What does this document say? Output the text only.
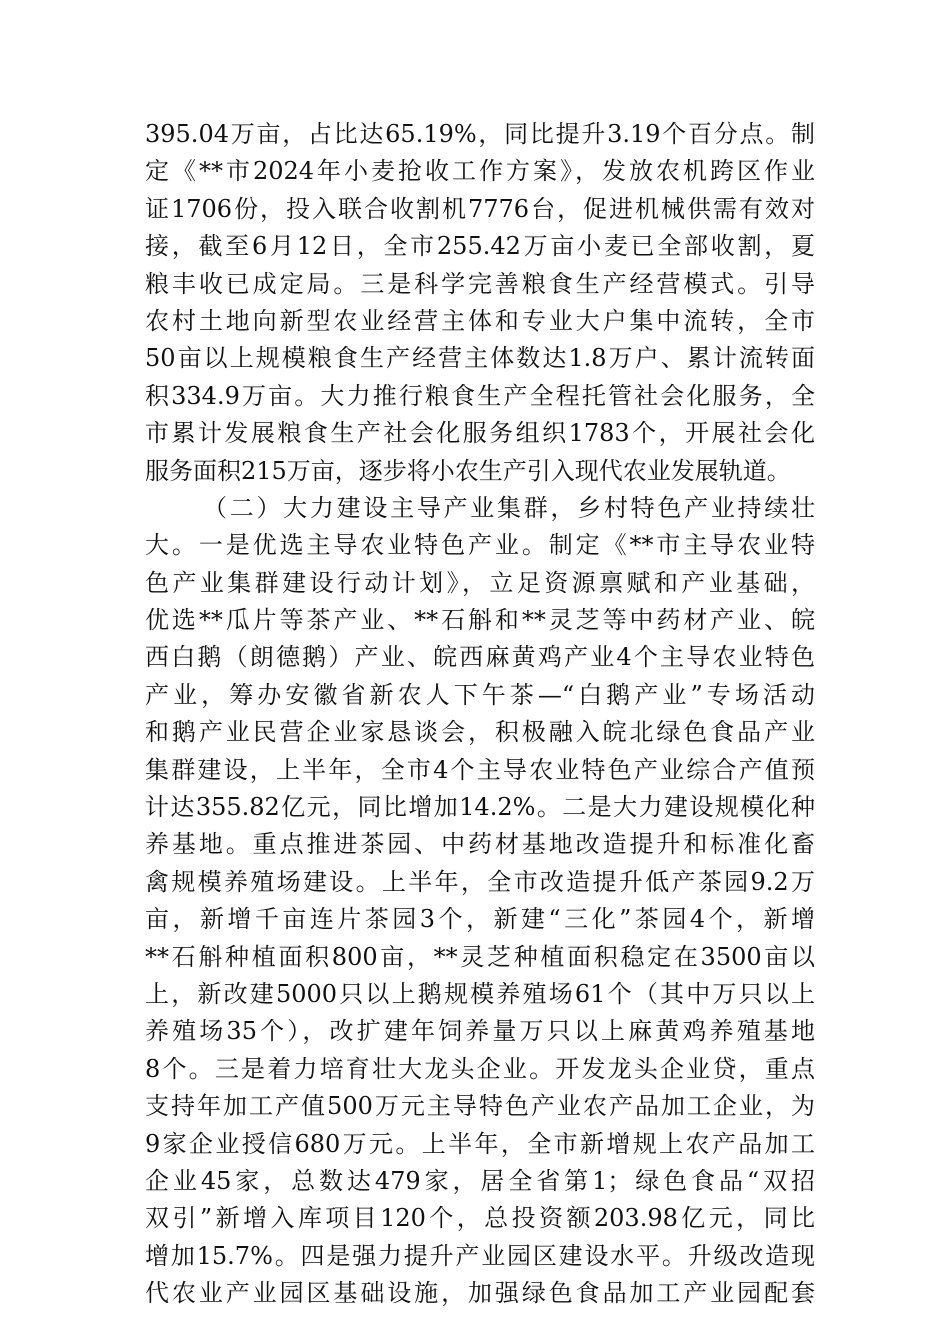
395.04万亩，占比达65.19%，同比提升3.19个百分点。制
定《**市2024年小麦抢收工作方案》，发放农机跨区作业
证1706份，投入联合收割机7776台，促进机械供需有效对
接，截至6月12日，全市255.42万亩小麦已全部收割，夏
粮丰收已成定局。三是科学完善粮食生产经营模式。引导
农村土地向新型农业经营主体和专业大户集中流转，全市
50亩以上规模粮食生产经营主体数达1.8万户、累计流转面
积334.9万亩。大力推行粮食生产全程托管社会化服务，全
市累计发展粮食生产社会化服务组织1783个，开展社会化
服务面积215万亩，逐步将小农生产引入现代农业发展轨道。
（二）大力建设主导产业集群，乡村特色产业持续壮
大。一是优选主导农业特色产业。制定《**市主导农业特
色产业集群建设行动计划》，立足资源禀赋和产业基础，
优选**瓜片等茶产业、**石斛和**灵芝等中药材产业、皖
西白鹅（朗德鹅）产业、皖西麻黄鸡产业4个主导农业特色
产业，筹办安徽省新农人下午茶—“白鹅产业”专场活动
和鹅产业民营企业家恳谈会，积极融入皖北绿色食品产业
集群建设，上半年，全市4个主导农业特色产业综合产值预
计达355.82亿元，同比增加14.2%。二是大力建设规模化种
养基地。重点推进茶园、中药材基地改造提升和标准化畜
禽规模养殖场建设。上半年，全市改造提升低产茶园9.2万
亩，新增千亩连片茶园3个，新建“三化”茶园4个，新增
**石斛种植面积800亩，**灵芝种植面积稳定在3500亩以
上，新改建5000只以上鹅规模养殖场61个（其中万只以上
养殖场35个），改扩建年饲养量万只以上麻黄鸡养殖基地
8个。三是着力培育壮大龙头企业。开发龙头企业贷，重点
支持年加工产值500万元主导特色产业农产品加工企业，为
9家企业授信680万元。上半年，全市新增规上农产品加工
企业45家，总数达479家，居全省第1；绿色食品“双招
双引”新增入库项目120个，总投资额203.98亿元，同比
增加15.7%。四是强力提升产业园区建设水平。升级改造现
代农业产业园区基础设施，加强绿色食品加工产业园配套
